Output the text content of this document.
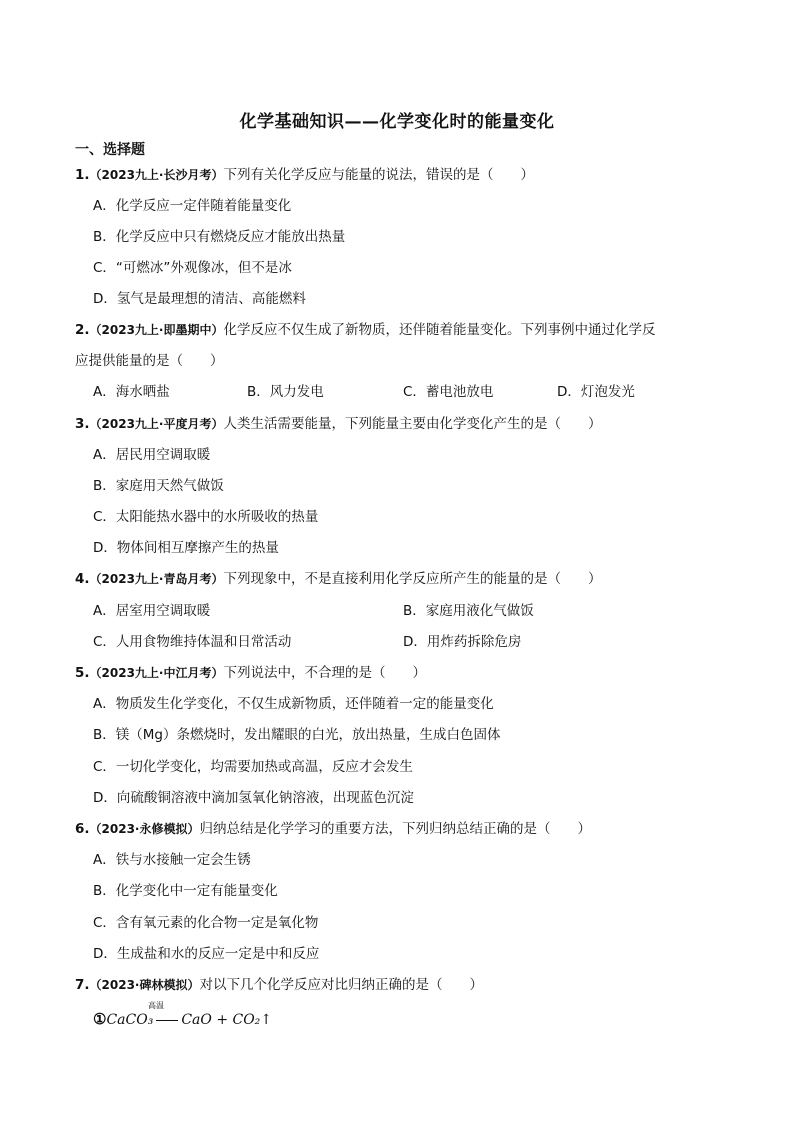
化学基础知识——化学变化时的能量变化
一、选择题
1.（2023九上·长沙月考）下列有关化学反应与能量的说法，错误的是（　　）
A．化学反应一定伴随着能量变化
B．化学反应中只有燃烧反应才能放出热量
C．“可燃冰”外观像冰，但不是冰
D．氢气是最理想的清洁、高能燃料
2.（2023九上·即墨期中）化学反应不仅生成了新物质，还伴随着能量变化。下列事例中通过化学反
应提供能量的是（　　）
A．海水晒盐	B．风力发电	C．蓄电池放电	D．灯泡发光
3.（2023九上·平度月考）人类生活需要能量，下列能量主要由化学变化产生的是（　　）
A．居民用空调取暖
B．家庭用天然气做饭
C．太阳能热水器中的水所吸收的热量
D．物体间相互摩擦产生的热量
4.（2023九上·青岛月考）下列现象中，不是直接利用化学反应所产生的能量的是（　　）
A．居室用空调取暖	B．家庭用液化气做饭
C．人用食物维持体温和日常活动	D．用炸药拆除危房
5.（2023九上·中江月考）下列说法中，不合理的是（　　）
A．物质发生化学变化，不仅生成新物质，还伴随着一定的能量变化
B．镁（Mg）条燃烧时，发出耀眼的白光，放出热量，生成白色固体
C．一切化学变化，均需要加热或高温，反应才会发生
D．向硫酸铜溶液中滴加氢氧化钠溶液，出现蓝色沉淀
6.（2023·永修模拟）归纳总结是化学学习的重要方法，下列归纳总结正确的是（　　）
A．铁与水接触一定会生锈
B．化学变化中一定有能量变化
C．含有氧元素的化合物一定是氧化物
D．生成盐和水的反应一定是中和反应
7.（2023·碑林模拟）对以下几个化学反应对比归纳正确的是（　　）
高温
①CaCO₃ CaO + CO₂↑
